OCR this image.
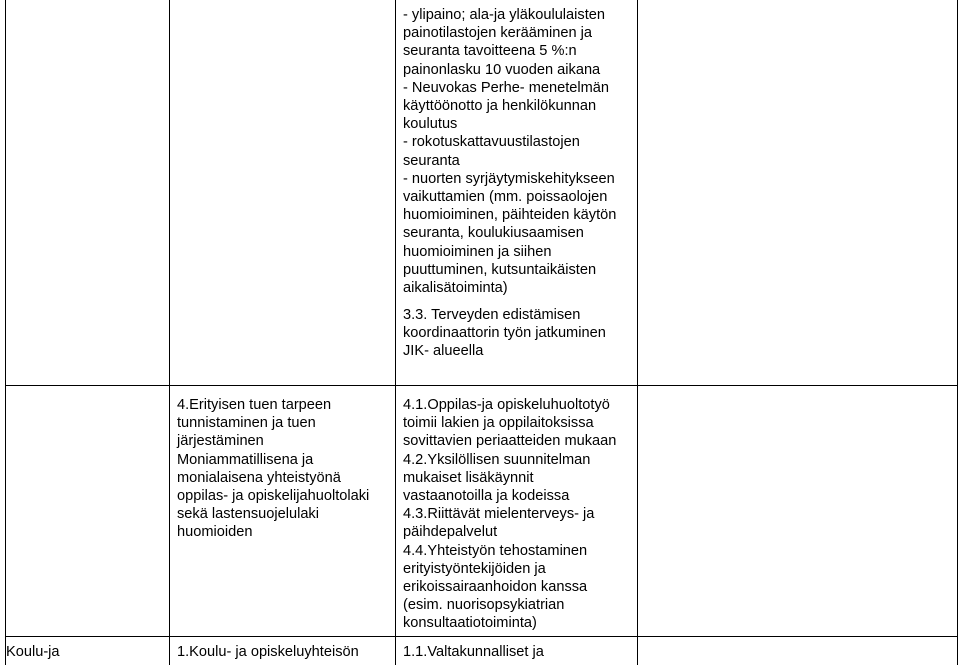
- ylipaino; ala-ja yläkoululaisten
painotilastojen kerääminen ja
seuranta tavoitteena 5 %:n
painonlasku 10 vuoden aikana
- Neuvokas Perhe- menetelmän
käyttöönotto ja henkilökunnan
koulutus
- rokotuskattavuustilastojen
seuranta
- nuorten syrjäytymiskehitykseen
vaikuttamien (mm. poissaolojen
huomioiminen, päihteiden käytön
seuranta, koulukiusaamisen
huomioiminen ja siihen
puuttuminen, kutsuntaikäisten
aikalisätoiminta)
3.3. Terveyden edistämisen
koordinaattorin työn jatkuminen
JIK- alueella
4.Erityisen tuen tarpeen
tunnistaminen ja tuen
järjestäminen
Moniammatillisena ja
monialaisena yhteistyönä
oppilas- ja opiskelijahuoltolaki
sekä lastensuojelulaki
huomioiden
4.1.Oppilas-ja opiskeluhuoltotyö
toimii lakien ja oppilaitoksissa
sovittavien periaatteiden mukaan
4.2.Yksilöllisen suunnitelman
mukaiset lisäkäynnit
vastaanotoilla ja kodeissa
4.3.Riittävät mielenterveys- ja
päihdepalvelut
4.4.Yhteistyön tehostaminen
erityistyöntekijöiden ja
erikoissairaanhoidon kanssa
(esim. nuorisopsykiatrian
konsultaatiotoiminta)
Koulu-ja	1.Koulu- ja opiskeluyhteisön	1.1.Valtakunnalliset ja
